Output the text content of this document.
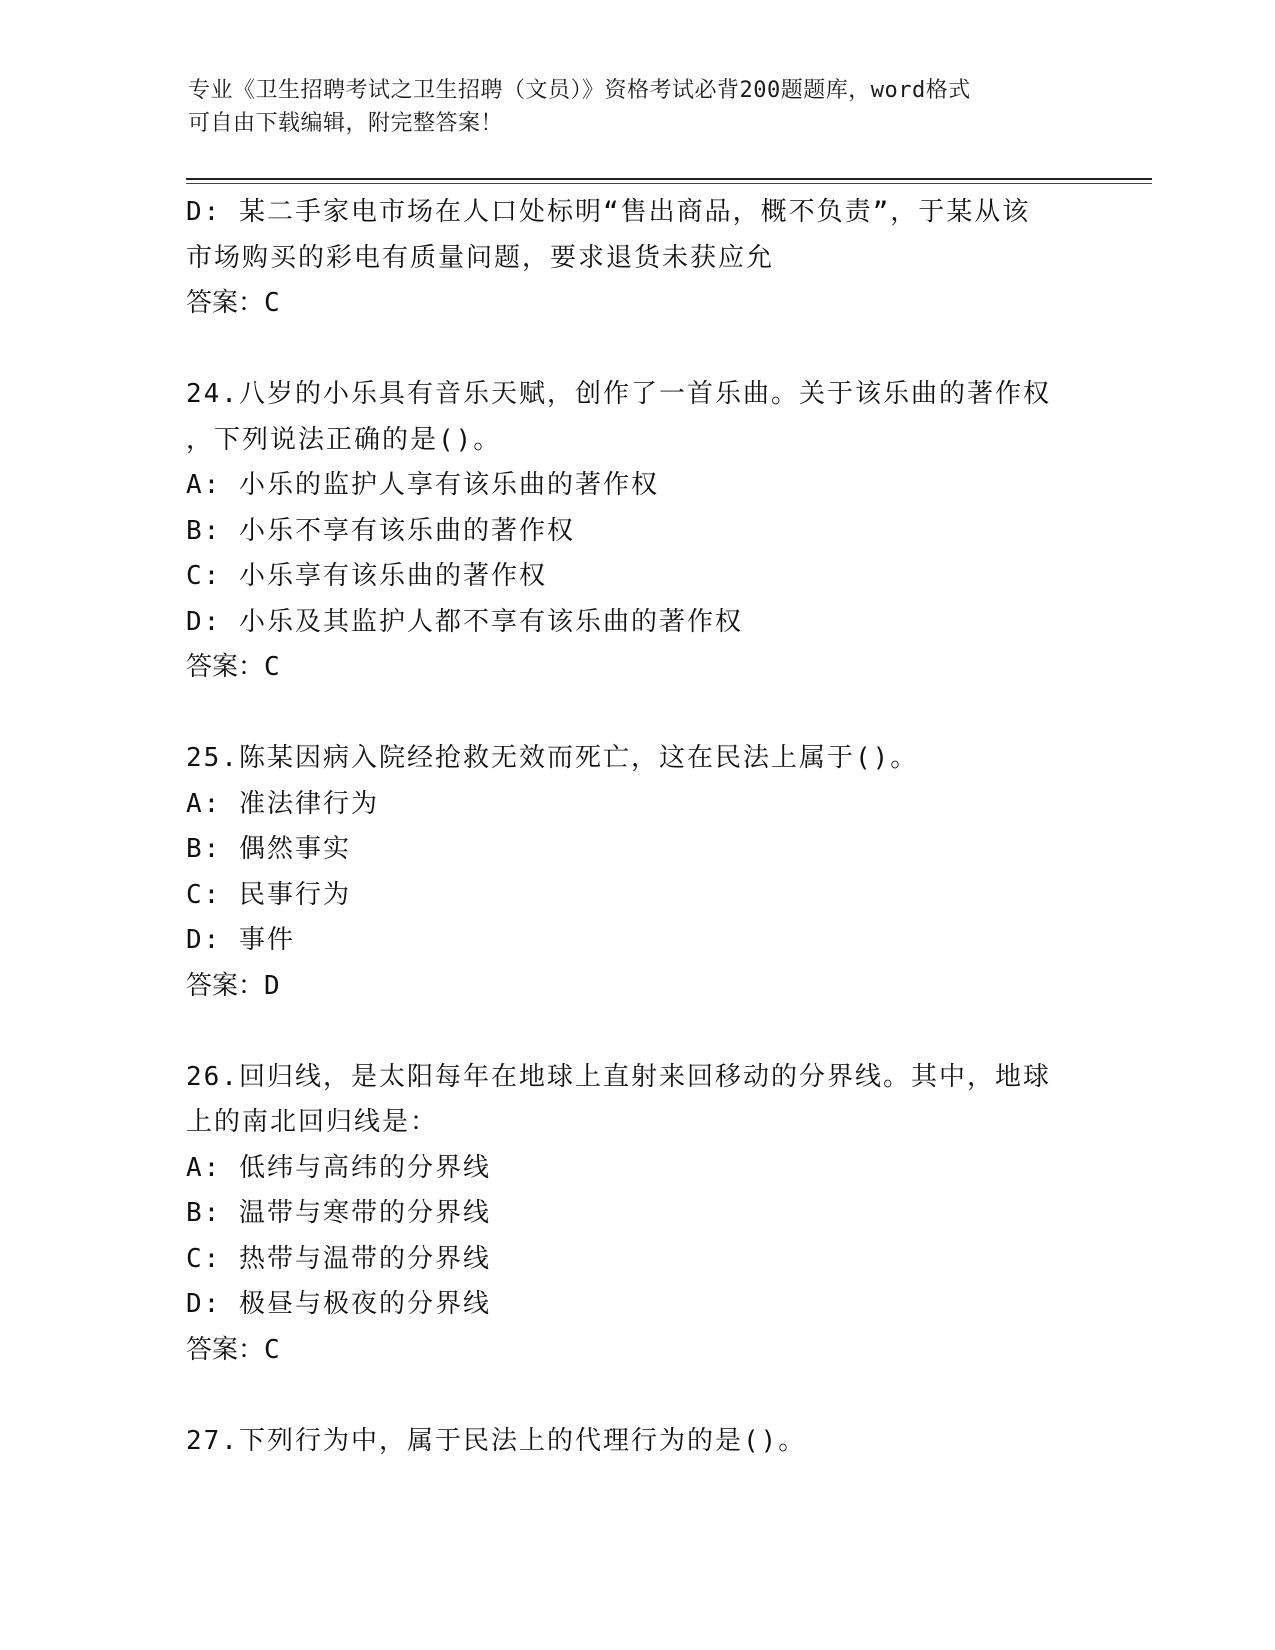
专业《卫生招聘考试之卫生招聘（文员）》资格考试必背200题题库，word格式
可自由下载编辑，附完整答案！
D: 某二手家电市场在人口处标明“售出商品，概不负责”，于某从该
市场购买的彩电有质量问题，要求退货未获应允
答案：C
24.八岁的小乐具有音乐天赋，创作了一首乐曲。关于该乐曲的著作权
，下列说法正确的是()。
A: 小乐的监护人享有该乐曲的著作权
B: 小乐不享有该乐曲的著作权
C: 小乐享有该乐曲的著作权
D: 小乐及其监护人都不享有该乐曲的著作权
答案：C
25.陈某因病入院经抢救无效而死亡，这在民法上属于()。
A: 准法律行为
B: 偶然事实
C: 民事行为
D: 事件
答案：D
26.回归线，是太阳每年在地球上直射来回移动的分界线。其中，地球
上的南北回归线是：
A: 低纬与高纬的分界线
B: 温带与寒带的分界线
C: 热带与温带的分界线
D: 极昼与极夜的分界线
答案：C
27.下列行为中，属于民法上的代理行为的是()。
